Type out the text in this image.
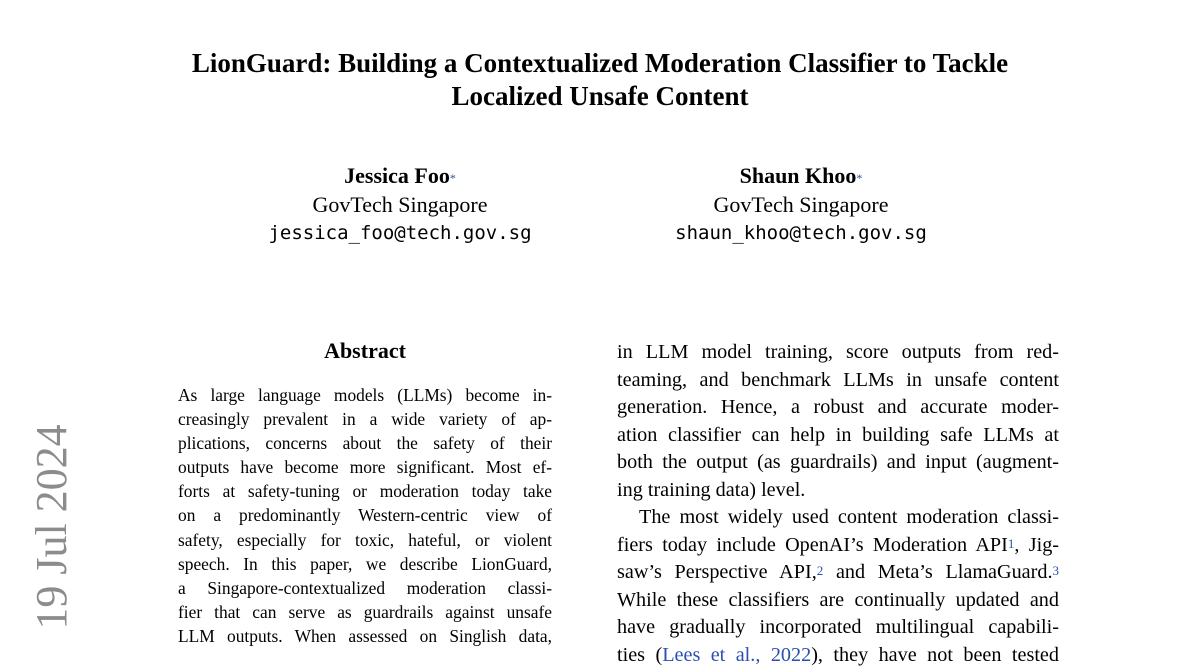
LionGuard: Building a Contextualized Moderation Classifier to Tackle
Localized Unsafe Content
Jessica Foo*
GovTech Singapore
jessica_foo@tech.gov.sg
Shaun Khoo*
GovTech Singapore
shaun_khoo@tech.gov.sg
19 Jul 2024
Abstract
As large language models (LLMs) become in-
creasingly prevalent in a wide variety of ap-
plications, concerns about the safety of their
outputs have become more significant. Most ef-
forts at safety-tuning or moderation today take
on a predominantly Western-centric view of
safety, especially for toxic, hateful, or violent
speech. In this paper, we describe LionGuard,
a Singapore-contextualized moderation classi-
fier that can serve as guardrails against unsafe
LLM outputs. When assessed on Singlish data,
in LLM model training, score outputs from red-
teaming, and benchmark LLMs in unsafe content
generation. Hence, a robust and accurate moder-
ation classifier can help in building safe LLMs at
both the output (as guardrails) and input (augment-
ing training data) level.
The most widely used content moderation classi-
fiers today include OpenAI’s Moderation API$^1$, Jig-
saw’s Perspective API,$^2$ and Meta’s LlamaGuard.$^3$
While these classifiers are continually updated and
have gradually incorporated multilingual capabili-
ties (Lees et al., 2022), they have not been tested
